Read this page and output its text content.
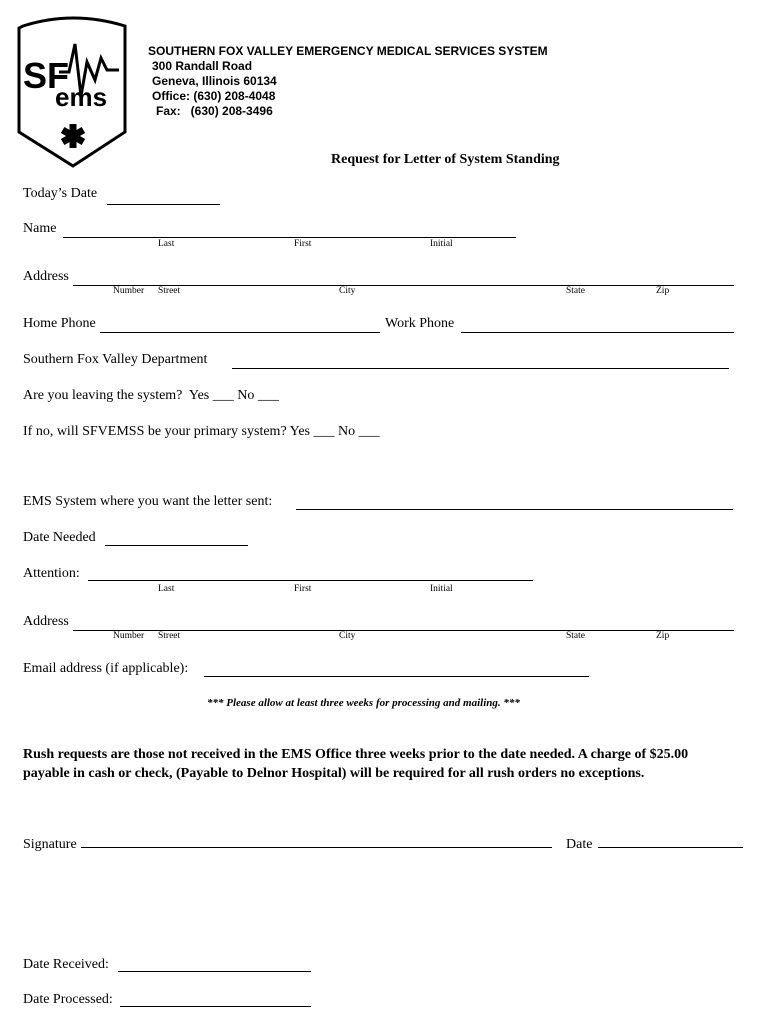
SF
ems
SOUTHERN FOX VALLEY EMERGENCY MEDICAL SERVICES SYSTEM
300 Randall Road
Geneva, Illinois 60134
Office: (630) 208-4048
Fax:   (630) 208-3496
Request for Letter of System Standing
Today’s Date
Name
Last	First	Initial
Address
Number Street	City	State	Zip
Home Phone	Work Phone
Southern Fox Valley Department
Are you leaving the system?  Yes ___ No ___
If no, will SFVEMSS be your primary system? Yes ___ No ___
EMS System where you want the letter sent:
Date Needed
Attention:
Last	First	Initial
Address
Number Street	City	State	Zip
Email address (if applicable):
*** Please allow at least three weeks for processing and mailing. ***
Rush requests are those not received in the EMS Office three weeks prior to the date needed. A charge of $25.00
payable in cash or check, (Payable to Delnor Hospital) will be required for all rush orders no exceptions.
Signature	Date
Date Received:
Date Processed:
